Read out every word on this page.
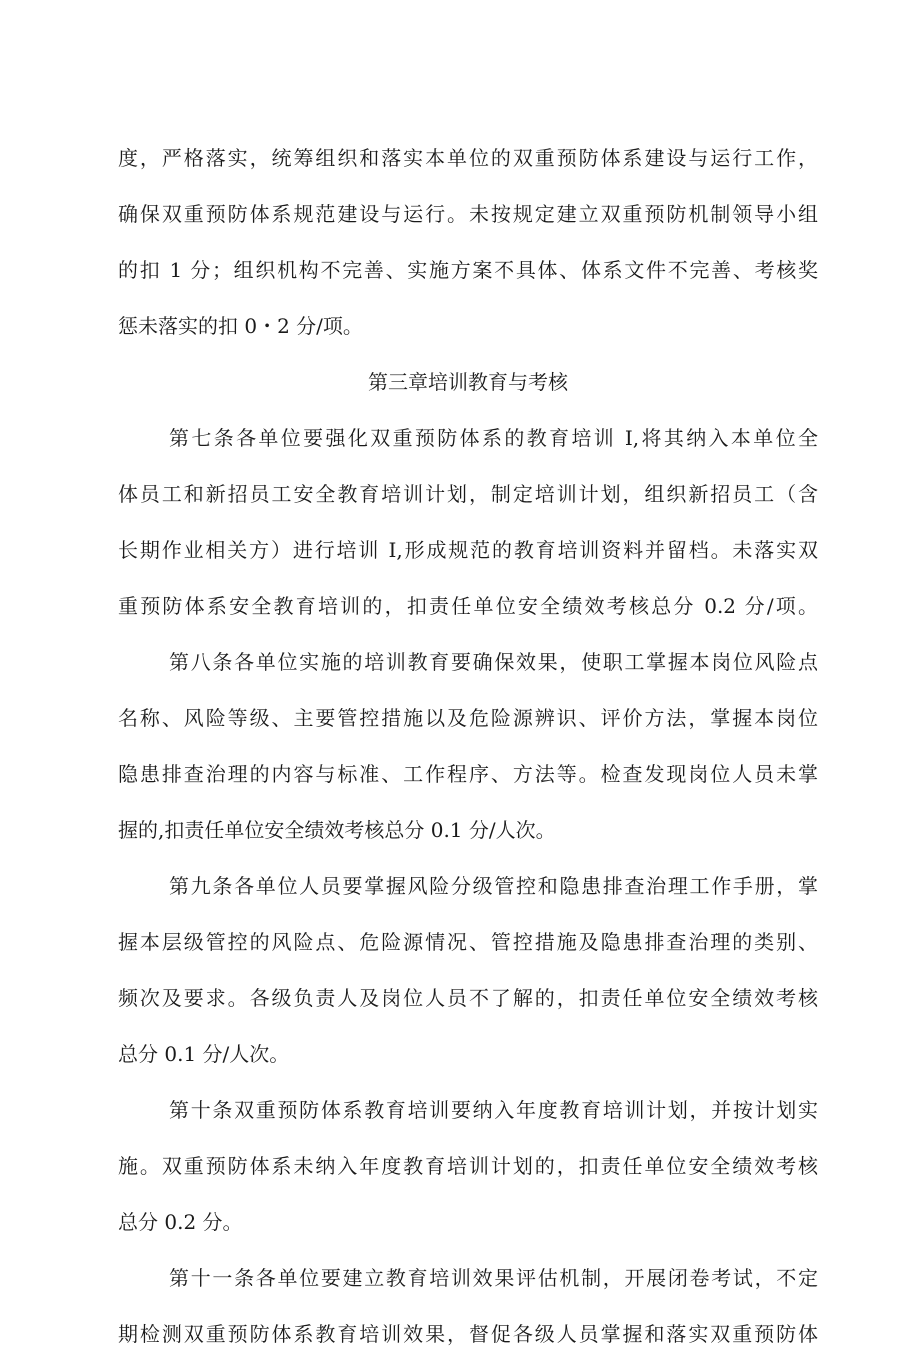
度，严格落实，统筹组织和落实本单位的双重预防体系建设与运行工作，
确保双重预防体系规范建设与运行。未按规定建立双重预防机制领导小组
的扣 1 分；组织机构不完善、实施方案不具体、体系文件不完善、考核奖
惩未落实的扣 0・2 分/项。
第三章培训教育与考核
第七条各单位要强化双重预防体系的教育培训 I,将其纳入本单位全
体员工和新招员工安全教育培训计划，制定培训计划，组织新招员工（含
长期作业相关方）进行培训 I,形成规范的教育培训资料并留档。未落实双
重预防体系安全教育培训的，扣责任单位安全绩效考核总分 0.2 分/项。
第八条各单位实施的培训教育要确保效果，使职工掌握本岗位风险点
名称、风险等级、主要管控措施以及危险源辨识、评价方法，掌握本岗位
隐患排查治理的内容与标准、工作程序、方法等。检查发现岗位人员未掌
握的,扣责任单位安全绩效考核总分 0.1 分/人次。
第九条各单位人员要掌握风险分级管控和隐患排查治理工作手册，掌
握本层级管控的风险点、危险源情况、管控措施及隐患排查治理的类别、
频次及要求。各级负责人及岗位人员不了解的，扣责任单位安全绩效考核
总分 0.1 分/人次。
第十条双重预防体系教育培训要纳入年度教育培训计划，并按计划实
施。双重预防体系未纳入年度教育培训计划的，扣责任单位安全绩效考核
总分 0.2 分。
第十一条各单位要建立教育培训效果评估机制，开展闭卷考试，不定
期检测双重预防体系教育培训效果，督促各级人员掌握和落实双重预防体
